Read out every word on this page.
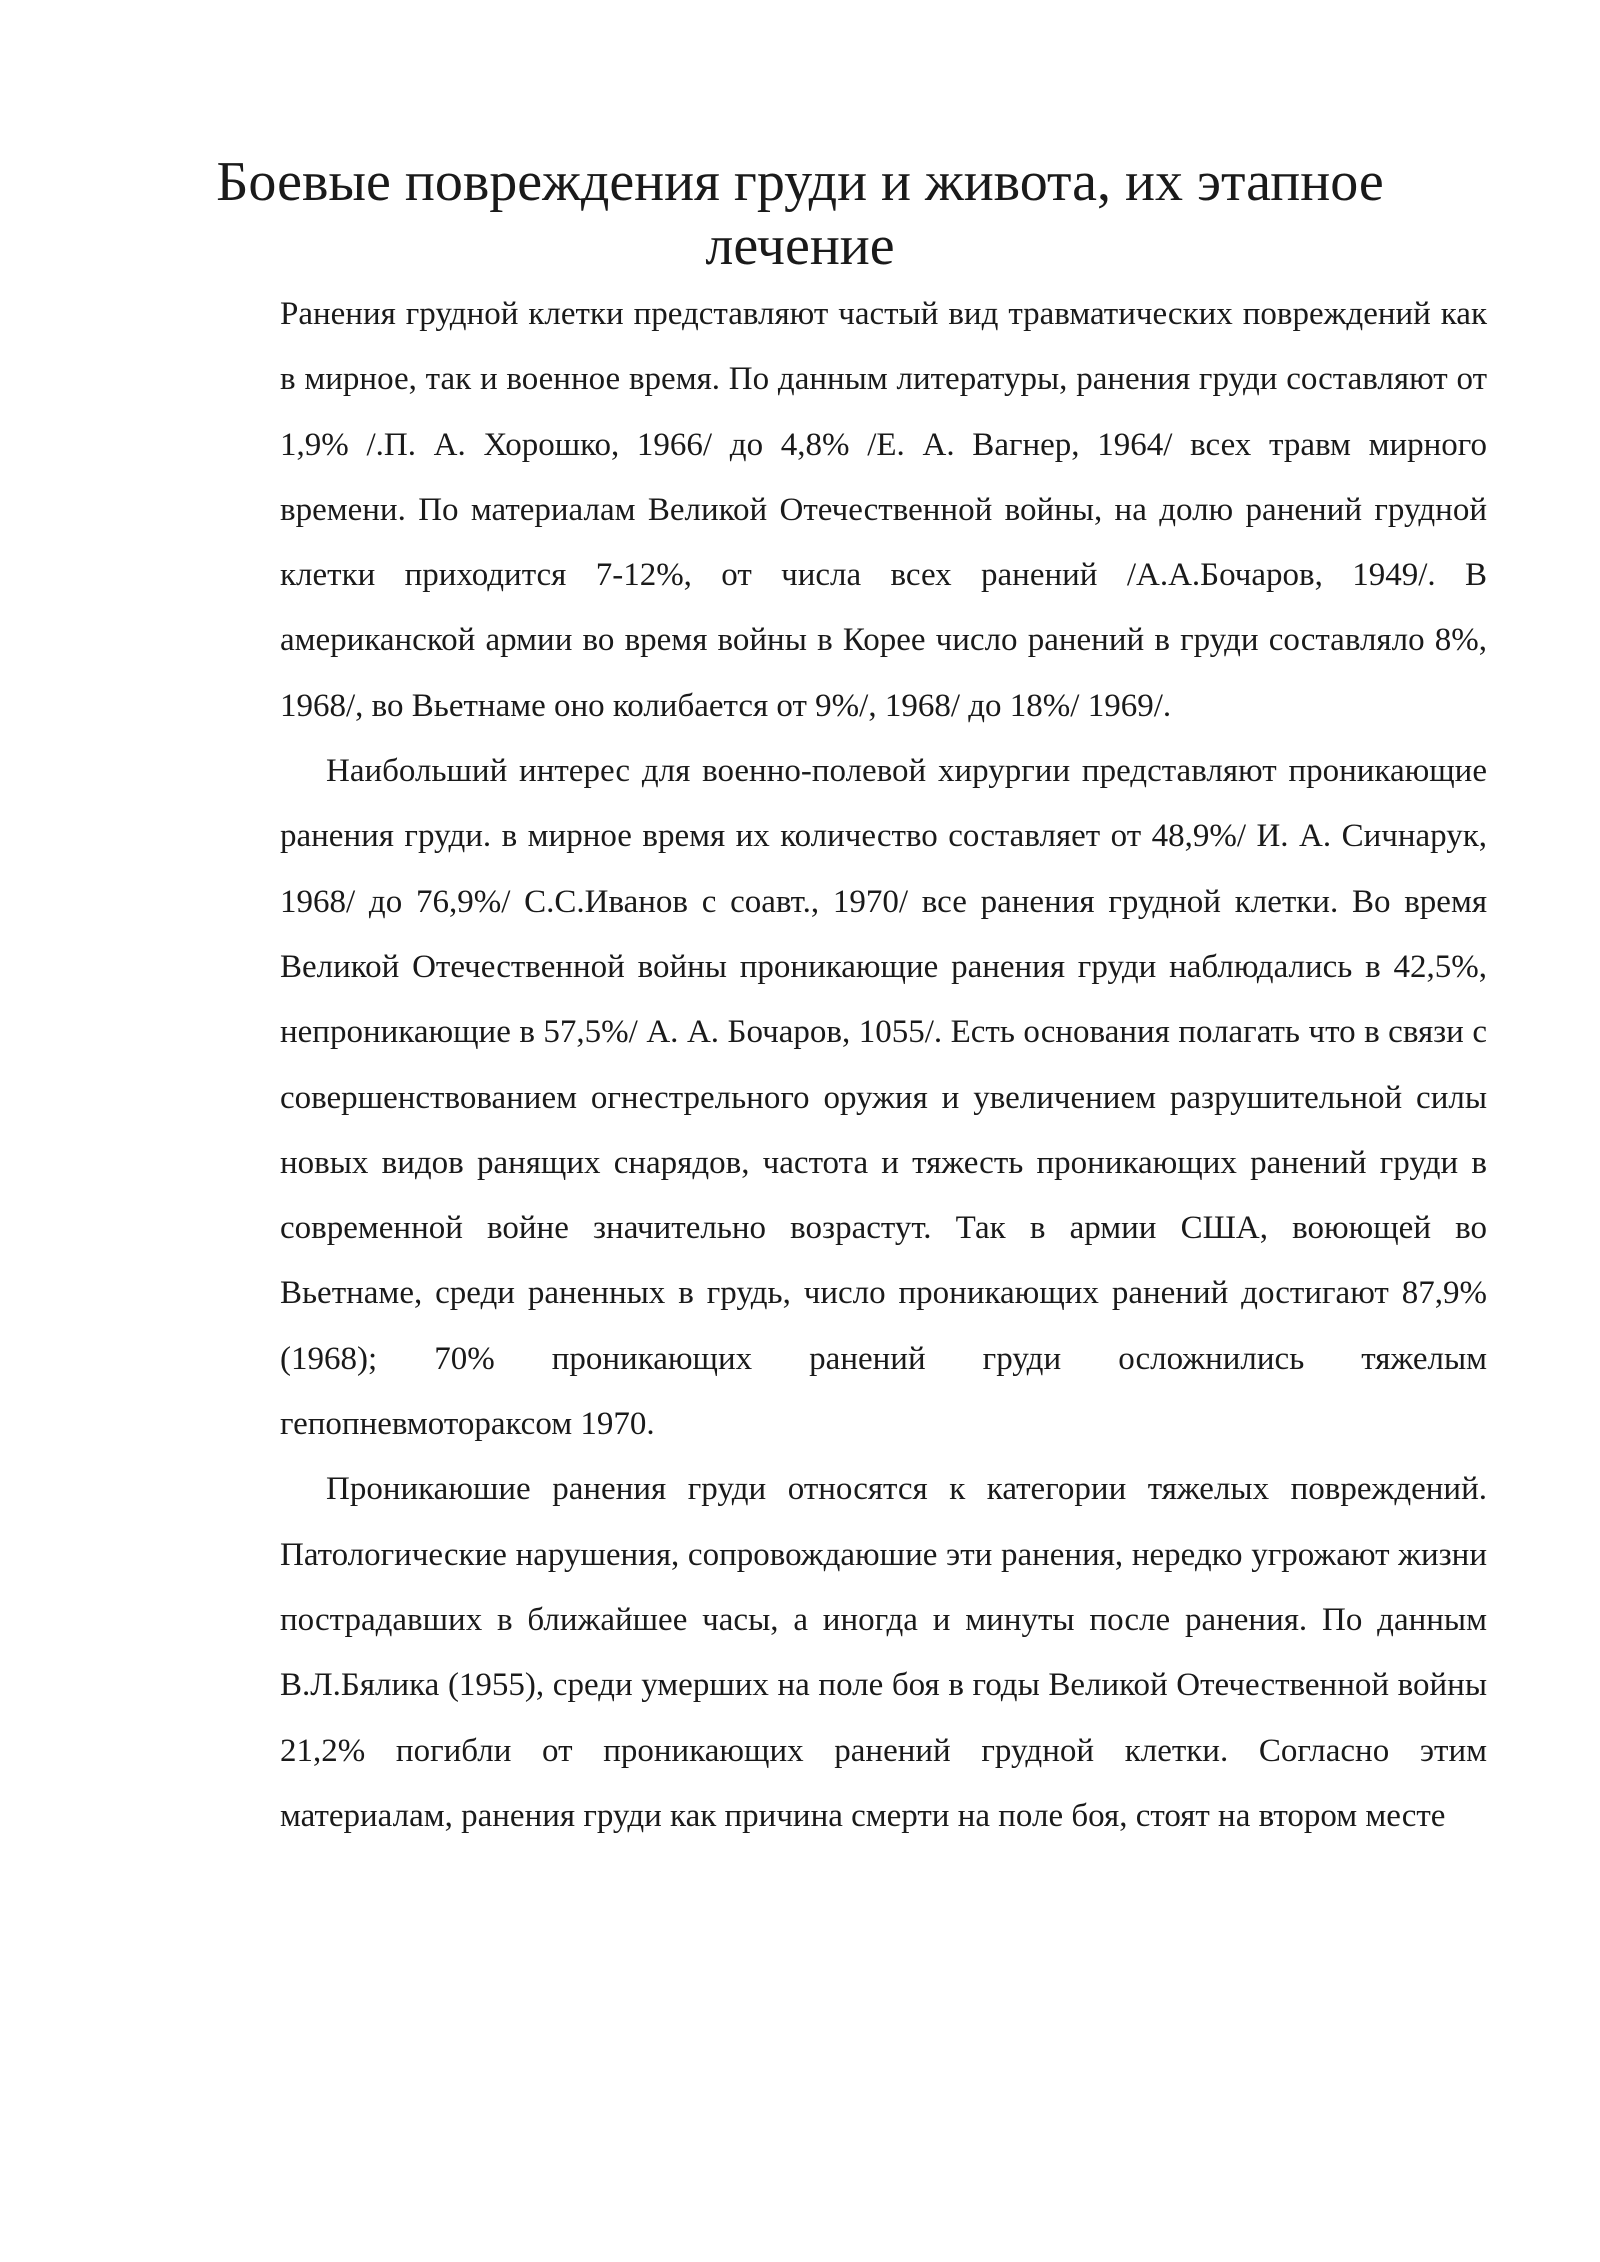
Боевые повреждения груди и живота, их этапное лечение

Ранения грудной клетки представляют частый вид травматических повреждений как в мирное, так и военное время. По данным литературы, ранения груди составляют от 1,9% /.П. А. Хорошко, 1966/ до 4,8% /Е. А. Вагнер, 1964/ всех травм мирного времени. По материалам Великой Отечественной войны, на долю ранений грудной клетки приходится 7-12%, от числа всех ранений /А.А.Бочаров, 1949/. В американской армии во время войны в Корее число ранений в груди составляло 8%, 1968/, во Вьетнаме оно колибается от 9%/, 1968/ до 18%/ 1969/.

Наибольший интерес для военно-полевой хирургии представляют проникающие ранения груди. в мирное время их количество составляет от 48,9%/ И. А. Сичнарук, 1968/ до 76,9%/ С.С.Иванов с соавт., 1970/ все ранения грудной клетки. Во время Великой Отечественной войны проникающие ранения груди наблюдались в 42,5%, непроникающие в 57,5%/ А. А. Бочаров, 1055/. Есть основания полагать что в связи с совершенствованием огнестрельного оружия и увеличением разрушительной силы новых видов ранящих снарядов, частота и тяжесть проникающих ранений груди в современной войне значительно возрастут. Так в армии США, воюющей во Вьетнаме, среди раненных в грудь, число проникающих ранений достигают 87,9% (1968); 70% проникающих ранений груди осложнились тяжелым гепопневмотораксом 1970.

Проникаюшие ранения груди относятся к категории тяжелых повреждений. Патологические нарушения, сопровождаюшие эти ранения, нередко угрожают жизни пострадавших в ближайшее часы, а иногда и минуты после ранения. По данным В.Л.Бялика (1955), среди умерших на поле боя в годы Великой Отечественной войны 21,2% погибли от проникающих ранений грудной клетки. Согласно этим материалам, ранения груди как причина смерти на поле боя, стоят на втором месте
